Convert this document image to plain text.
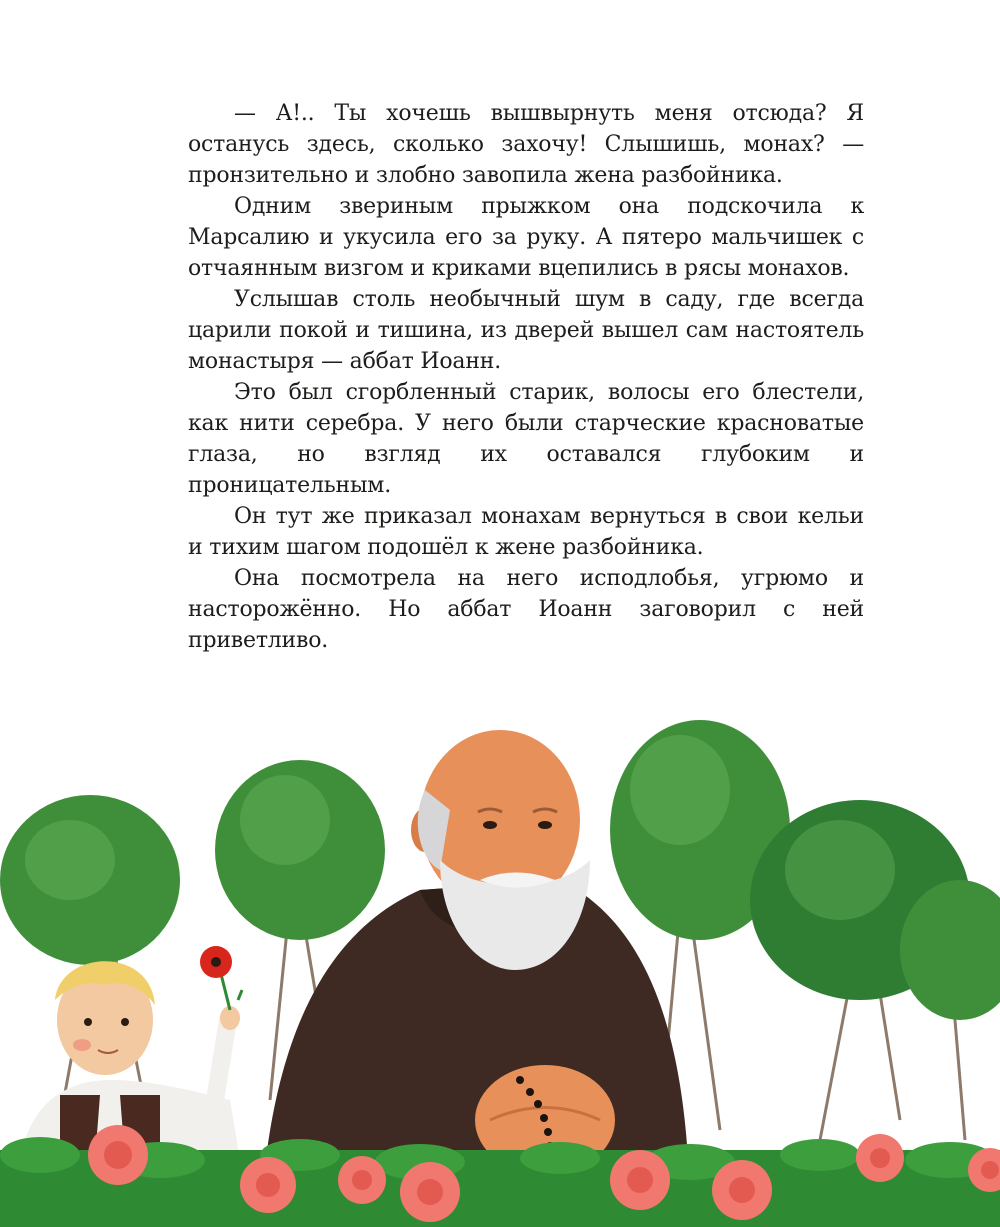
— А!.. Ты хочешь вышвырнуть меня отсюда? Я останусь здесь, сколько захочу! Слышишь, монах? — пронзительно и злобно завопила жена разбойника.

Одним звериным прыжком она подскочила к Марсалию и укусила его за руку. А пятеро мальчишек с отчаянным визгом и криками вцепились в рясы монахов.

Услышав столь необычный шум в саду, где всегда царили покой и тишина, из дверей вышел сам настоятель монастыря — аббат Иоанн.

Это был сгорбленный старик, волосы его блестели, как нити серебра. У него были старческие красноватые глаза, но взгляд их оставался глубоким и проницательным.

Он тут же приказал монахам вернуться в свои кельи и тихим шагом подошёл к жене разбойника.

Она посмотрела на него исподлобья, угрюмо и насторожённо. Но аббат Иоанн заговорил с ней приветливо.
